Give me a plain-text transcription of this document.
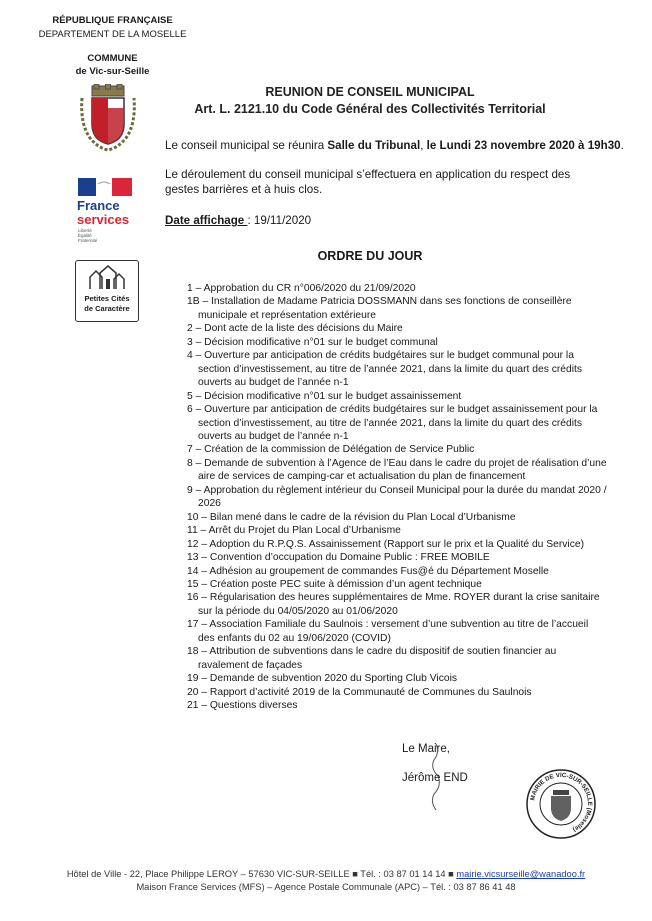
RÉPUBLIQUE FRANÇAISE
DEPARTEMENT DE LA MOSELLE
COMMUNE
de Vic-sur-Seille
France
services
Liberté
Égalité
Fraternité
Petites Cités
de Caractère
REUNION DE CONSEIL MUNICIPAL
Art. L. 2121.10 du Code Général des Collectivités Territorial
Le conseil municipal se réunira Salle du Tribunal, le Lundi 23 novembre 2020 à 19h30.
Le déroulement du conseil municipal s’effectuera en application du respect des gestes barrières et à huis clos.
Date affichage : 19/11/2020
ORDRE DU JOUR
1 – Approbation du CR n°006/2020 du 21/09/2020
1B – Installation de Madame Patricia DOSSMANN dans ses fonctions de conseillère municipale et représentation extérieure
2 – Dont acte de la liste des décisions du Maire
3 – Décision modificative n°01 sur le budget communal
4 – Ouverture par anticipation de crédits budgétaires sur le budget communal pour la section d’investissement, au titre de l’année 2021, dans la limite du quart des crédits ouverts au budget de l’année n-1
5 – Décision modificative n°01 sur le budget assainissement
6 – Ouverture par anticipation de crédits budgétaires sur le budget assainissement pour la section d’investissement, au titre de l’année 2021, dans la limite du quart des crédits ouverts au budget de l’année n-1
7 – Création de la commission de Délégation de Service Public
8 – Demande de subvention à l’Agence de l’Eau dans le cadre du projet de réalisation d’une aire de services de camping-car et actualisation du plan de financement
9 – Approbation du règlement intérieur du Conseil Municipal pour la durée du mandat 2020 / 2026
10 – Bilan mené dans le cadre de la révision du Plan Local d’Urbanisme
11 – Arrêt du Projet du Plan Local d’Urbanisme
12 – Adoption du R.P.Q.S. Assainissement (Rapport sur le prix et la Qualité du Service)
13 – Convention d’occupation du Domaine Public : FREE MOBILE
14 – Adhésion au groupement de commandes Fus@é du Département Moselle
15 – Création poste PEC suite à démission d’un agent technique
16 – Régularisation des heures supplémentaires de Mme. ROYER durant la crise sanitaire sur la période du 04/05/2020 au 01/06/2020
17 – Association Familiale du Saulnois : versement d’une subvention au titre de l’accueil des enfants du 02 au 19/06/2020 (COVID)
18 – Attribution de subventions dans le cadre du dispositif de soutien financier au ravalement de façades
19 – Demande de subvention 2020 du Sporting Club Vicois
20 – Rapport d’activité 2019 de la Communauté de Communes du Saulnois
21 – Questions diverses
Le Maire,
Jérôme END
MAIRIE DE VIC-SUR-SEILLE (Moselle)
Hôtel de Ville - 22, Place Philippe LEROY – 57630 VIC-SUR-SEILLE ■ Tél. : 03 87 01 14 14 ■ mairie.vicsurseille@wanadoo.fr
Maison France Services (MFS) – Agence Postale Communale (APC) – Tél. : 03 87 86 41 48
